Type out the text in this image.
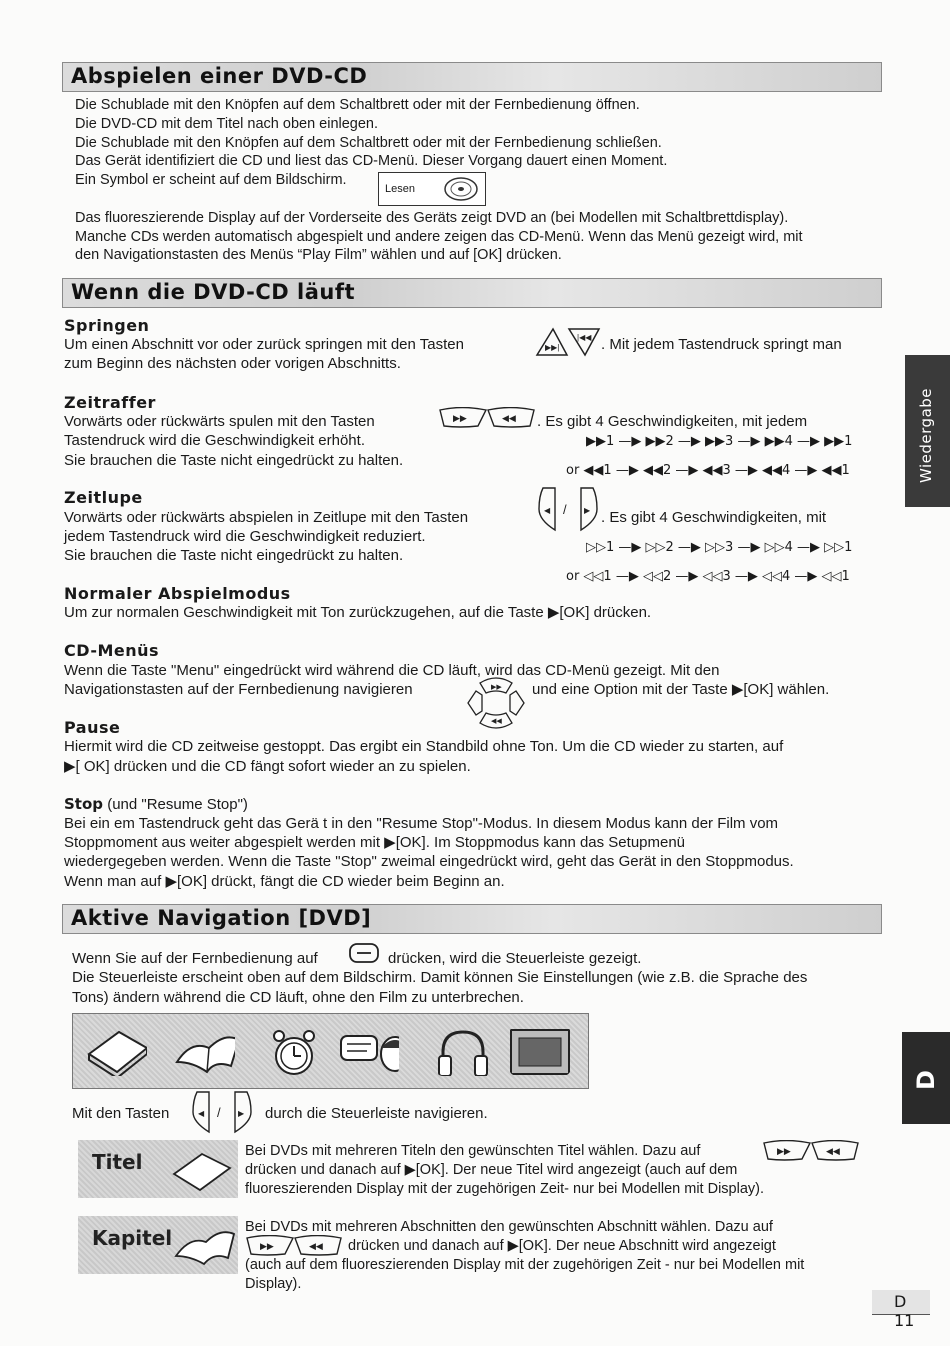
Abspielen einer DVD-CD
Die Schublade mit den Knöpfen auf dem Schaltbrett oder mit der Fernbedienung öffnen.
Die DVD-CD mit dem Titel nach oben einlegen.
Die Schublade mit den Knöpfen auf dem Schaltbrett oder mit der Fernbedienung schließen.
Das Gerät identifiziert die CD und liest das CD-Menü. Dieser Vorgang dauert einen Moment.
Ein Symbol er scheint auf dem Bildschirm.
Lesen
Das fluoreszierende Display auf der Vorderseite des Geräts zeigt DVD an (bei Modellen mit Schaltbrettdisplay).
Manche CDs werden automatisch abgespielt und andere zeigen das CD-Menü. Wenn das Menü gezeigt wird, mit
den Navigationstasten des Menüs “Play Film” wählen und auf [OK] drücken.
Wenn die DVD-CD läuft
Springen
Um einen Abschnitt vor oder zurück springen mit den Tasten	▶▶|
|◀◀ . Mit jedem Tastendruck springt man
zum Beginn des nächsten oder vorigen Abschnitts.
Zeitraffer
Vorwärts oder rückwärts spulen mit den Tasten	▶▶	◀◀ . Es gibt 4 Geschwindigkeiten, mit jedem
Tastendruck wird die Geschwindigkeit erhöht.
Sie brauchen die Taste nicht eingedrückt zu halten.
▶▶1 —▶ ▶▶2 —▶ ▶▶3 —▶ ▶▶4 —▶ ▶▶1
or ◀◀1 —▶ ◀◀2 —▶ ◀◀3 —▶ ◀◀4 —▶ ◀◀1
Zeitlupe
Vorwärts oder rückwärts abspielen in Zeitlupe mit den Tasten	◀ / ▶ . Es gibt 4 Geschwindigkeiten, mit
jedem Tastendruck wird die Geschwindigkeit reduziert.
Sie brauchen die Taste nicht eingedrückt zu halten.	▷▷1 —▶ ▷▷2 —▶ ▷▷3 —▶ ▷▷4 —▶ ▷▷1
or ◁◁1 —▶ ◁◁2 —▶ ◁◁3 —▶ ◁◁4 —▶ ◁◁1
Normaler Abspielmodus
Um zur normalen Geschwindigkeit mit Ton zurückzugehen, auf die Taste ▶[OK] drücken.
CD-Menüs
Wenn die Taste "Menu" eingedrückt wird während die CD läuft, wird das CD-Menü gezeigt. Mit den
Navigationstasten auf der Fernbedienung navigieren	▶▶
◀◀
und eine Option mit der Taste ▶[OK] wählen.
Pause
Hiermit wird die CD zeitweise gestoppt. Das ergibt ein Standbild ohne Ton. Um die CD wieder zu starten, auf
▶[ OK] drücken und die CD fängt sofort wieder an zu spielen.
Stop (und "Resume Stop")
Bei ein em Tastendruck geht das Gerä t in den "Resume Stop"-Modus. In diesem Modus kann der Film vom
Stoppmoment aus weiter abgespielt werden mit ▶[OK]. Im Stoppmodus kann das Setupmenü
wiedergegeben werden. Wenn die Taste "Stop" zweimal eingedrückt wird, geht das Gerät in den Stoppmodus.
Wenn man auf ▶[OK] drückt, fängt die CD wieder beim Beginn an.
Aktive Navigation [DVD]
Wenn Sie auf der Fernbedienung auf	drücken, wird die Steuerleiste gezeigt.
Die Steuerleiste erscheint oben auf dem Bildschirm. Damit können Sie Einstellungen (wie z.B. die Sprache des
Tons) ändern während die CD läuft, ohne den Film zu unterbrechen.
Mit den Tasten	◀ / ▶ durch die Steuerleiste navigieren.
Titel	Bei DVDs mit mehreren Titeln den gewünschten Titel wählen. Dazu auf	▶▶	◀◀
drücken und danach auf ▶[OK]. Der neue Titel wird angezeigt (auch auf dem
fluoreszierenden Display mit der zugehörigen Zeit- nur bei Modellen mit Display).
Kapitel	Bei DVDs mit mehreren Abschnitten den gewünschten Abschnitt wählen. Dazu auf
▶▶	◀◀ drücken und danach auf ▶[OK]. Der neue Abschnitt wird angezeigt
(auch auf dem fluoreszierenden Display mit der zugehörigen Zeit - nur bei Modellen mit
Display).
Wiedergabe
D
D 11
